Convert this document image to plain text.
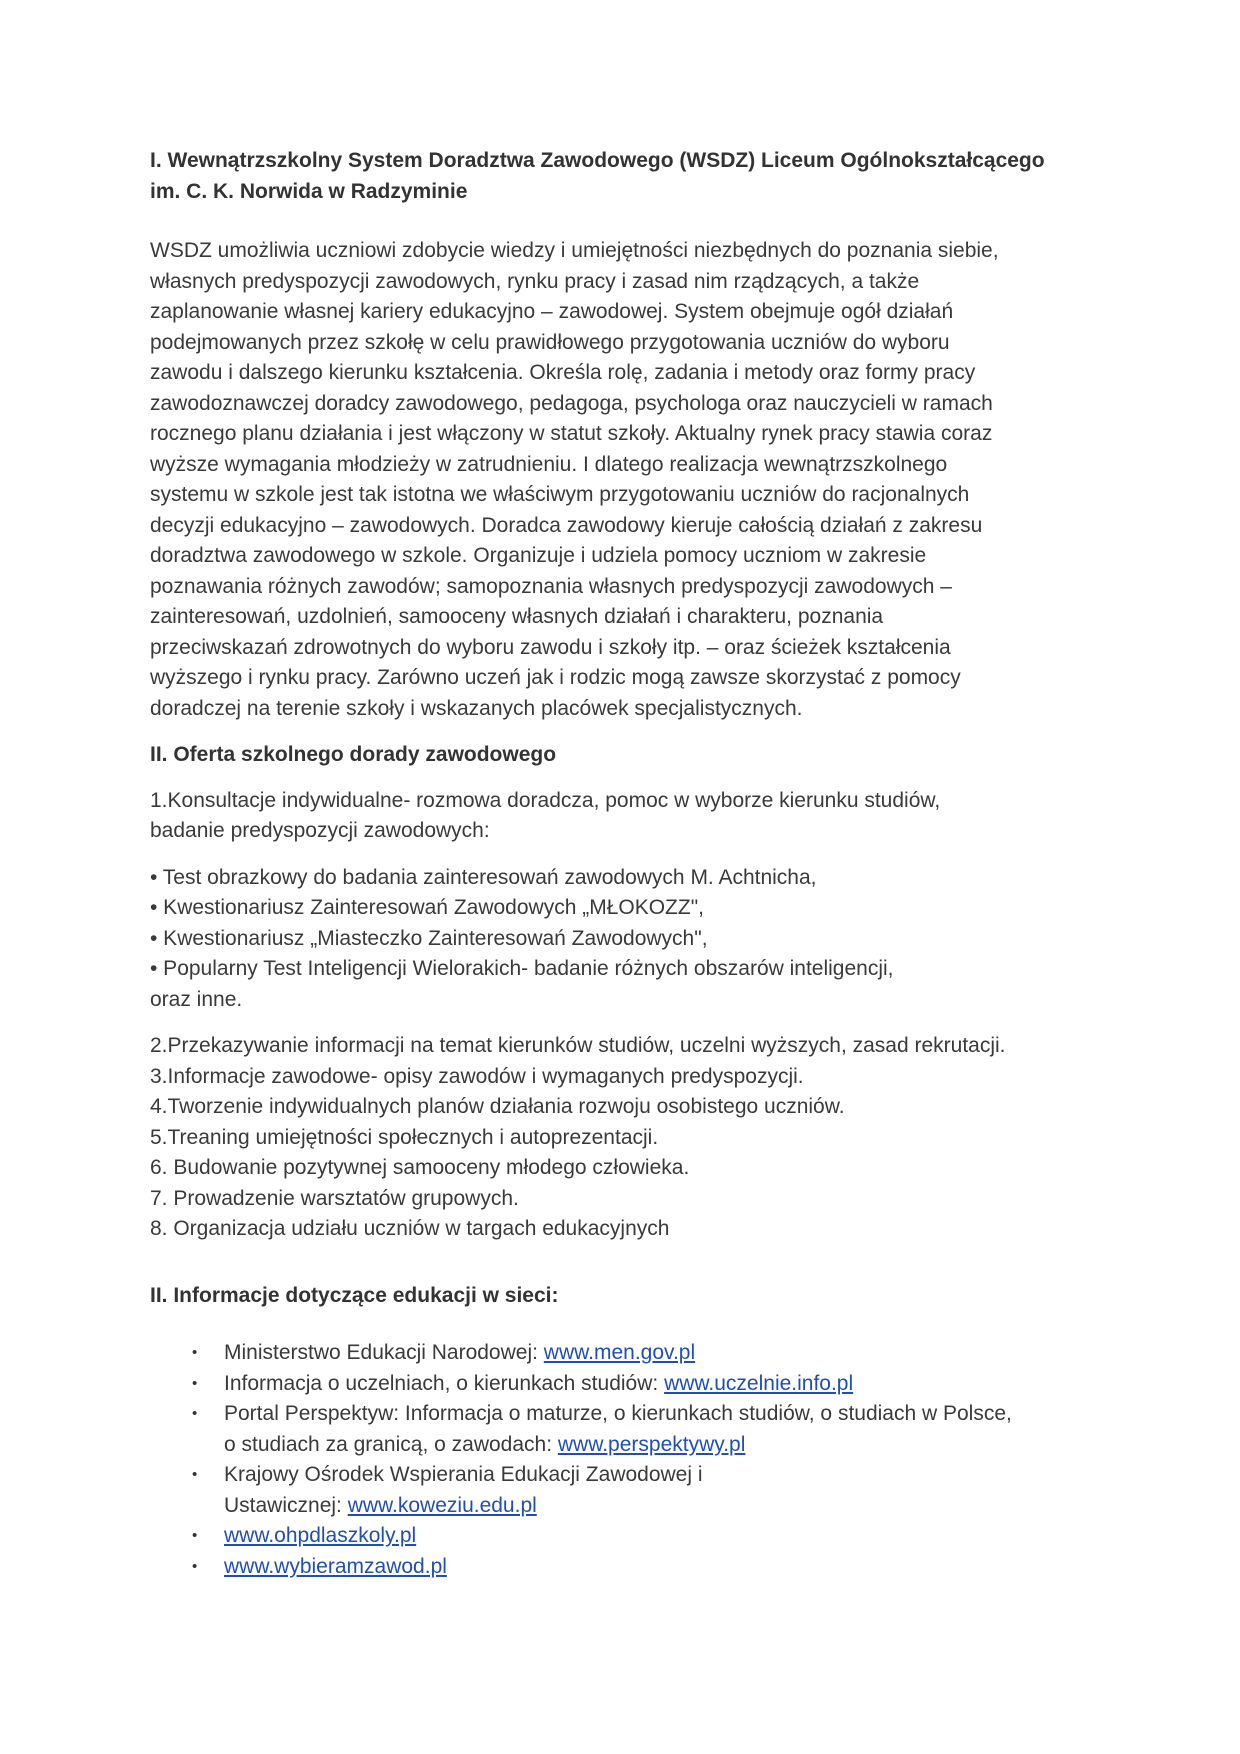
I. Wewnątrzszkolny System Doradztwa Zawodowego (WSDZ) Liceum Ogólnokształcącego
im. C. K. Norwida w Radzyminie
WSDZ umożliwia uczniowi zdobycie wiedzy i umiejętności niezbędnych do poznania siebie,
własnych predyspozycji zawodowych, rynku pracy i zasad nim rządzących, a także
zaplanowanie własnej kariery edukacyjno – zawodowej. System obejmuje ogół działań
podejmowanych przez szkołę w celu prawidłowego przygotowania uczniów do wyboru
zawodu i dalszego kierunku kształcenia. Określa rolę, zadania i metody oraz formy pracy
zawodoznawczej doradcy zawodowego, pedagoga, psychologa oraz nauczycieli w ramach
rocznego planu działania i jest włączony w statut szkoły. Aktualny rynek pracy stawia coraz
wyższe wymagania młodzieży w zatrudnieniu. I dlatego realizacja wewnątrzszkolnego
systemu w szkole jest tak istotna we właściwym przygotowaniu uczniów do racjonalnych
decyzji edukacyjno – zawodowych. Doradca zawodowy kieruje całością działań z zakresu
doradztwa zawodowego w szkole. Organizuje i udziela pomocy uczniom w zakresie
poznawania różnych zawodów; samopoznania własnych predyspozycji zawodowych –
zainteresowań, uzdolnień, samooceny własnych działań i charakteru, poznania
przeciwskazań zdrowotnych do wyboru zawodu i szkoły itp. – oraz ścieżek kształcenia
wyższego i rynku pracy. Zarówno uczeń jak i rodzic mogą zawsze skorzystać z pomocy
doradczej na terenie szkoły i wskazanych placówek specjalistycznych.
II. Oferta szkolnego dorady zawodowego
1.Konsultacje indywidualne- rozmowa doradcza, pomoc w wyborze kierunku studiów,
badanie predyspozycji zawodowych:
• Test obrazkowy do badania zainteresowań zawodowych M. Achtnicha,
• Kwestionariusz Zainteresowań Zawodowych „MŁOKOZZ",
• Kwestionariusz „Miasteczko Zainteresowań Zawodowych",
• Popularny Test Inteligencji Wielorakich- badanie różnych obszarów inteligencji,
oraz inne.
2.Przekazywanie informacji na temat kierunków studiów, uczelni wyższych, zasad rekrutacji.
3.Informacje zawodowe- opisy zawodów i wymaganych predyspozycji.
4.Tworzenie indywidualnych planów działania rozwoju osobistego uczniów.
5.Treaning umiejętności społecznych i autoprezentacji.
6. Budowanie pozytywnej samooceny młodego człowieka.
7. Prowadzenie warsztatów grupowych.
8. Organizacja udziału uczniów w targach edukacyjnych
II. Informacje dotyczące edukacji w sieci:
• Ministerstwo Edukacji Narodowej: www.men.gov.pl
• Informacja o uczelniach, o kierunkach studiów: www.uczelnie.info.pl
• Portal Perspektyw: Informacja o maturze, o kierunkach studiów, o studiach w Polsce,
o studiach za granicą, o zawodach: www.perspektywy.pl
• Krajowy Ośrodek Wspierania Edukacji Zawodowej i
Ustawicznej: www.koweziu.edu.pl
• www.ohpdlaszkoly.pl
• www.wybieramzawod.pl
